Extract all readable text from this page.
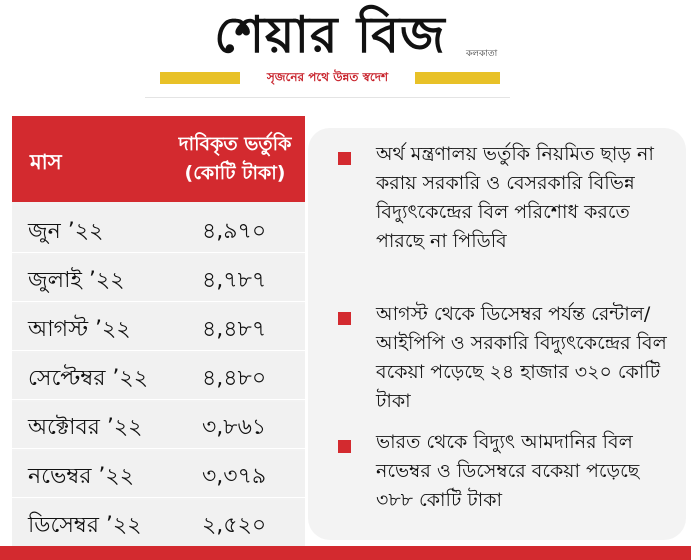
শেয়ার বিজ	কলকাতা
সৃজনের পথে উন্নত স্বদেশ
মাস
দাবিকৃত ভর্তুকি
(কোটি টাকা)
জুন ’২২	৪,৯৭০
জুলাই ’২২	৪,৭৮৭
আগস্ট ’২২	৪,৪৮৭
সেপ্টেম্বর ’২২ ৪,৪৮০
অক্টোবর ’২২	৩,৮৬১
নভেম্বর ’২২	৩,৩৭৯
ডিসেম্বর ’২২	২,৫২০
অর্থ মন্ত্রণালয় ভর্তুকি নিয়মিত ছাড় না করায় সরকারি ও বেসরকারি বিভিন্ন বিদ্যুৎকেন্দ্রের বিল পরিশোধ করতে পারছে না পিডিবি
আগস্ট থেকে ডিসেম্বর পর্যন্ত রেন্টাল/আইপিপি ও সরকারি বিদ্যুৎকেন্দ্রের বিল বকেয়া পড়েছে ২৪ হাজার ৩২০ কোটি টাকা
ভারত থেকে বিদ্যুৎ আমদানির বিল নভেম্বর ও ডিসেম্বরে বকেয়া পড়েছে ৩৮৮ কোটি টাকা
